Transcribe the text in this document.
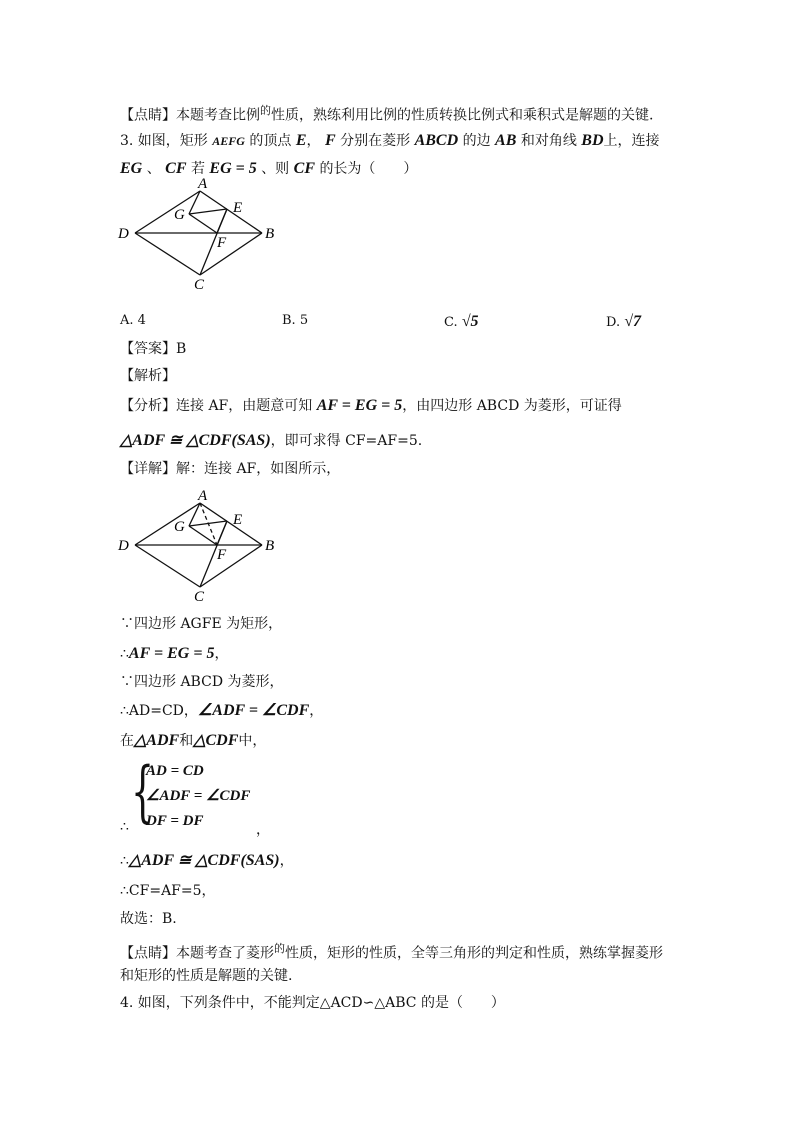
【点睛】本题考查比例$^的$性质，熟练利用比例的性质转换比例式和乘积式是解题的关键.
3. 如图，矩形 AEFG 的顶点 E， F 分别在菱形 ABCD 的边 AB 和对角线 BD上，连接
EG 、 CF 若 EG = 5 、则 CF 的长为（　　）
A
B
C
D
E
F
G
A. 4	B. 5	C. √5	D. √7
【答案】B
【解析】
【分析】连接 AF，由题意可知 AF = EG = 5，由四边形 ABCD 为菱形，可证得
△ADF ≅ △CDF(SAS)，即可求得 CF=AF=5.
【详解】解：连接 AF，如图所示，
A
B
C
D
E
F
G
∵四边形 AGFE 为矩形，
∴AF = EG = 5，
∵四边形 ABCD 为菱形，
∴AD=CD，∠ADF = ∠CDF，
在△ADF和△CDF中，
{
AD = CD
∠ADF = ∠CDF
DF = DF
∴	，
∴△ADF ≅ △CDF(SAS)，
∴CF=AF=5，
故选：B.
【点睛】本题考查了菱形$^的$性质，矩形的性质，全等三角形的判定和性质，熟练掌握菱形
和矩形的性质是解题的关键.
4. 如图，下列条件中，不能判定△ACD∽△ABC 的是（　　）
